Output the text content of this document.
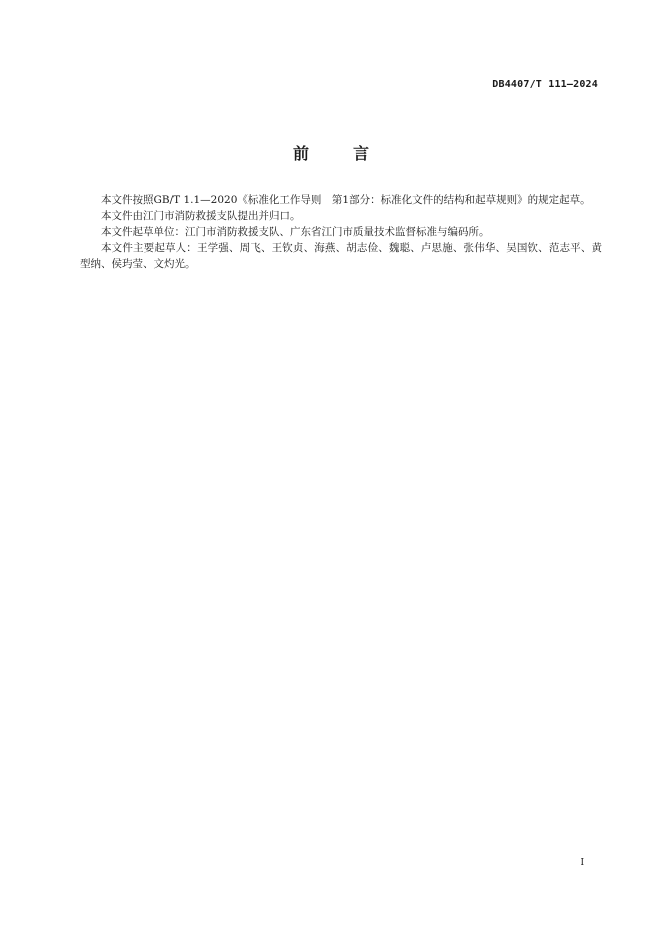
DB4407/T 111—2024
前	言

本文件按照GB/T 1.1—2020《标准化工作导则　第1部分：标准化文件的结构和起草规则》的规定起草。

本文件由江门市消防救援支队提出并归口。

本文件起草单位：江门市消防救援支队、广东省江门市质量技术监督标准与编码所。

本文件主要起草人：王学强、周飞、王钦贞、海燕、胡志俭、魏聪、卢思施、张伟华、吴国钦、范志平、黄型纳、侯玙莹、文灼光。

I
